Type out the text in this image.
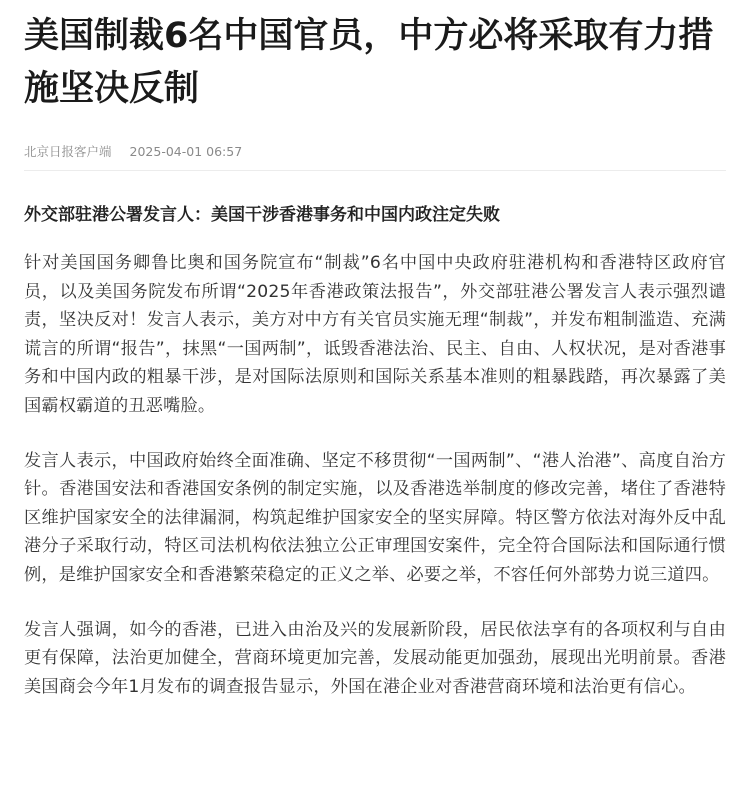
美国制裁6名中国官员，中方必将采取有力措施坚决反制
北京日报客户端 2025-04-01 06:57
外交部驻港公署发言人：美国干涉香港事务和中国内政注定失败

针对美国国务卿鲁比奥和国务院宣布“制裁”6名中国中央政府驻港机构和香港特区政府官员，以及美国务院发布所谓“2025年香港政策法报告”，外交部驻港公署发言人表示强烈谴责，坚决反对！发言人表示，美方对中方有关官员实施无理“制裁”，并发布粗制滥造、充满谎言的所谓“报告”，抹黑“一国两制”，诋毁香港法治、民主、自由、人权状况，是对香港事务和中国内政的粗暴干涉，是对国际法原则和国际关系基本准则的粗暴践踏，再次暴露了美国霸权霸道的丑恶嘴脸。

发言人表示，中国政府始终全面准确、坚定不移贯彻“一国两制”、“港人治港”、高度自治方针。香港国安法和香港国安条例的制定实施，以及香港选举制度的修改完善，堵住了香港特区维护国家安全的法律漏洞，构筑起维护国家安全的坚实屏障。特区警方依法对海外反中乱港分子采取行动，特区司法机构依法独立公正审理国安案件，完全符合国际法和国际通行惯例，是维护国家安全和香港繁荣稳定的正义之举、必要之举，不容任何外部势力说三道四。

发言人强调，如今的香港，已进入由治及兴的发展新阶段，居民依法享有的各项权利与自由更有保障，法治更加健全，营商环境更加完善，发展动能更加强劲，展现出光明前景。香港美国商会今年1月发布的调查报告显示，外国在港企业对香港营商环境和法治更有信心。
